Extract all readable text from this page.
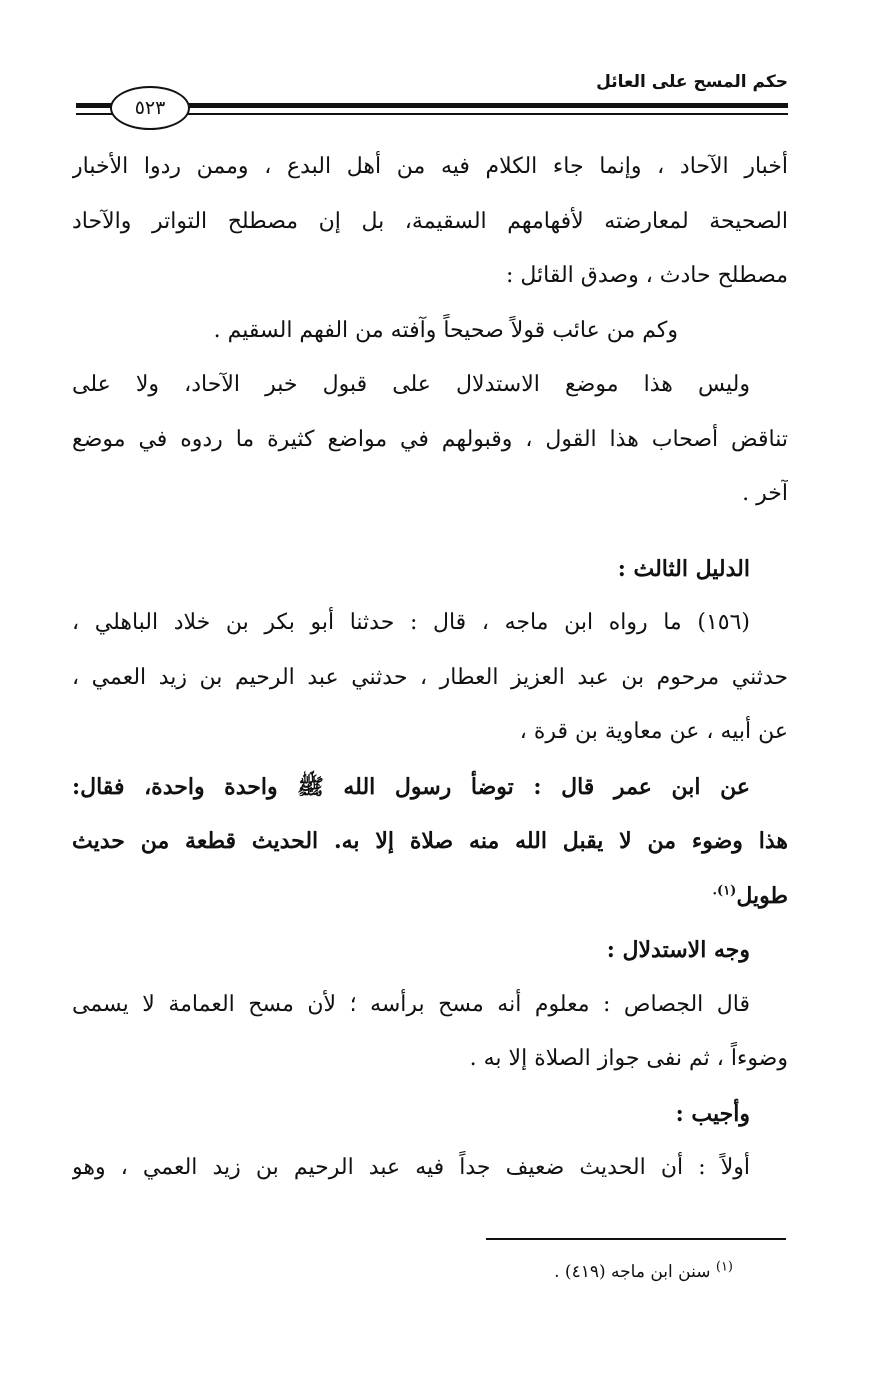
حكم المسح على العائل
٥٢٣
أخبار الآحاد ، وإنما جاء الكلام فيه من أهل البدع ، وممن ردوا الأخبار
الصحيحة لمعارضته لأفهامهم السقيمة، بل إن مصطلح التواتر والآحاد
مصطلح حادث ، وصدق القائل :
وكم من عائب قولاً صحيحاً وآفته من الفهم السقيم .
وليس هذا موضع الاستدلال على قبول خبر الآحاد، ولا على
تناقض أصحاب هذا القول ، وقبولهم في مواضع كثيرة ما ردوه في موضع
آخر .
الدليل الثالث :
(١٥٦) ما رواه ابن ماجه ، قال : حدثنا أبو بكر بن خلاد الباهلي ،
حدثني مرحوم بن عبد العزيز العطار ، حدثني عبد الرحيم بن زيد العمي ،
عن أبيه ، عن معاوية بن قرة ،
عن ابن عمر قال : توضأ رسول الله ﷺ واحدة واحدة، فقال:
هذا وضوء من لا يقبل الله منه صلاة إلا به. الحديث قطعة من حديث
طويل$^{(١).}$
وجه الاستدلال :
قال الجصاص : معلوم أنه مسح برأسه ؛ لأن مسح العمامة لا يسمى
وضوءاً ، ثم نفى جواز الصلاة إلا به .
وأجيب :
أولاً : أن الحديث ضعيف جداً فيه عبد الرحيم بن زيد العمي ، وهو
$^{(١)}$ سنن ابن ماجه (٤١٩) .
